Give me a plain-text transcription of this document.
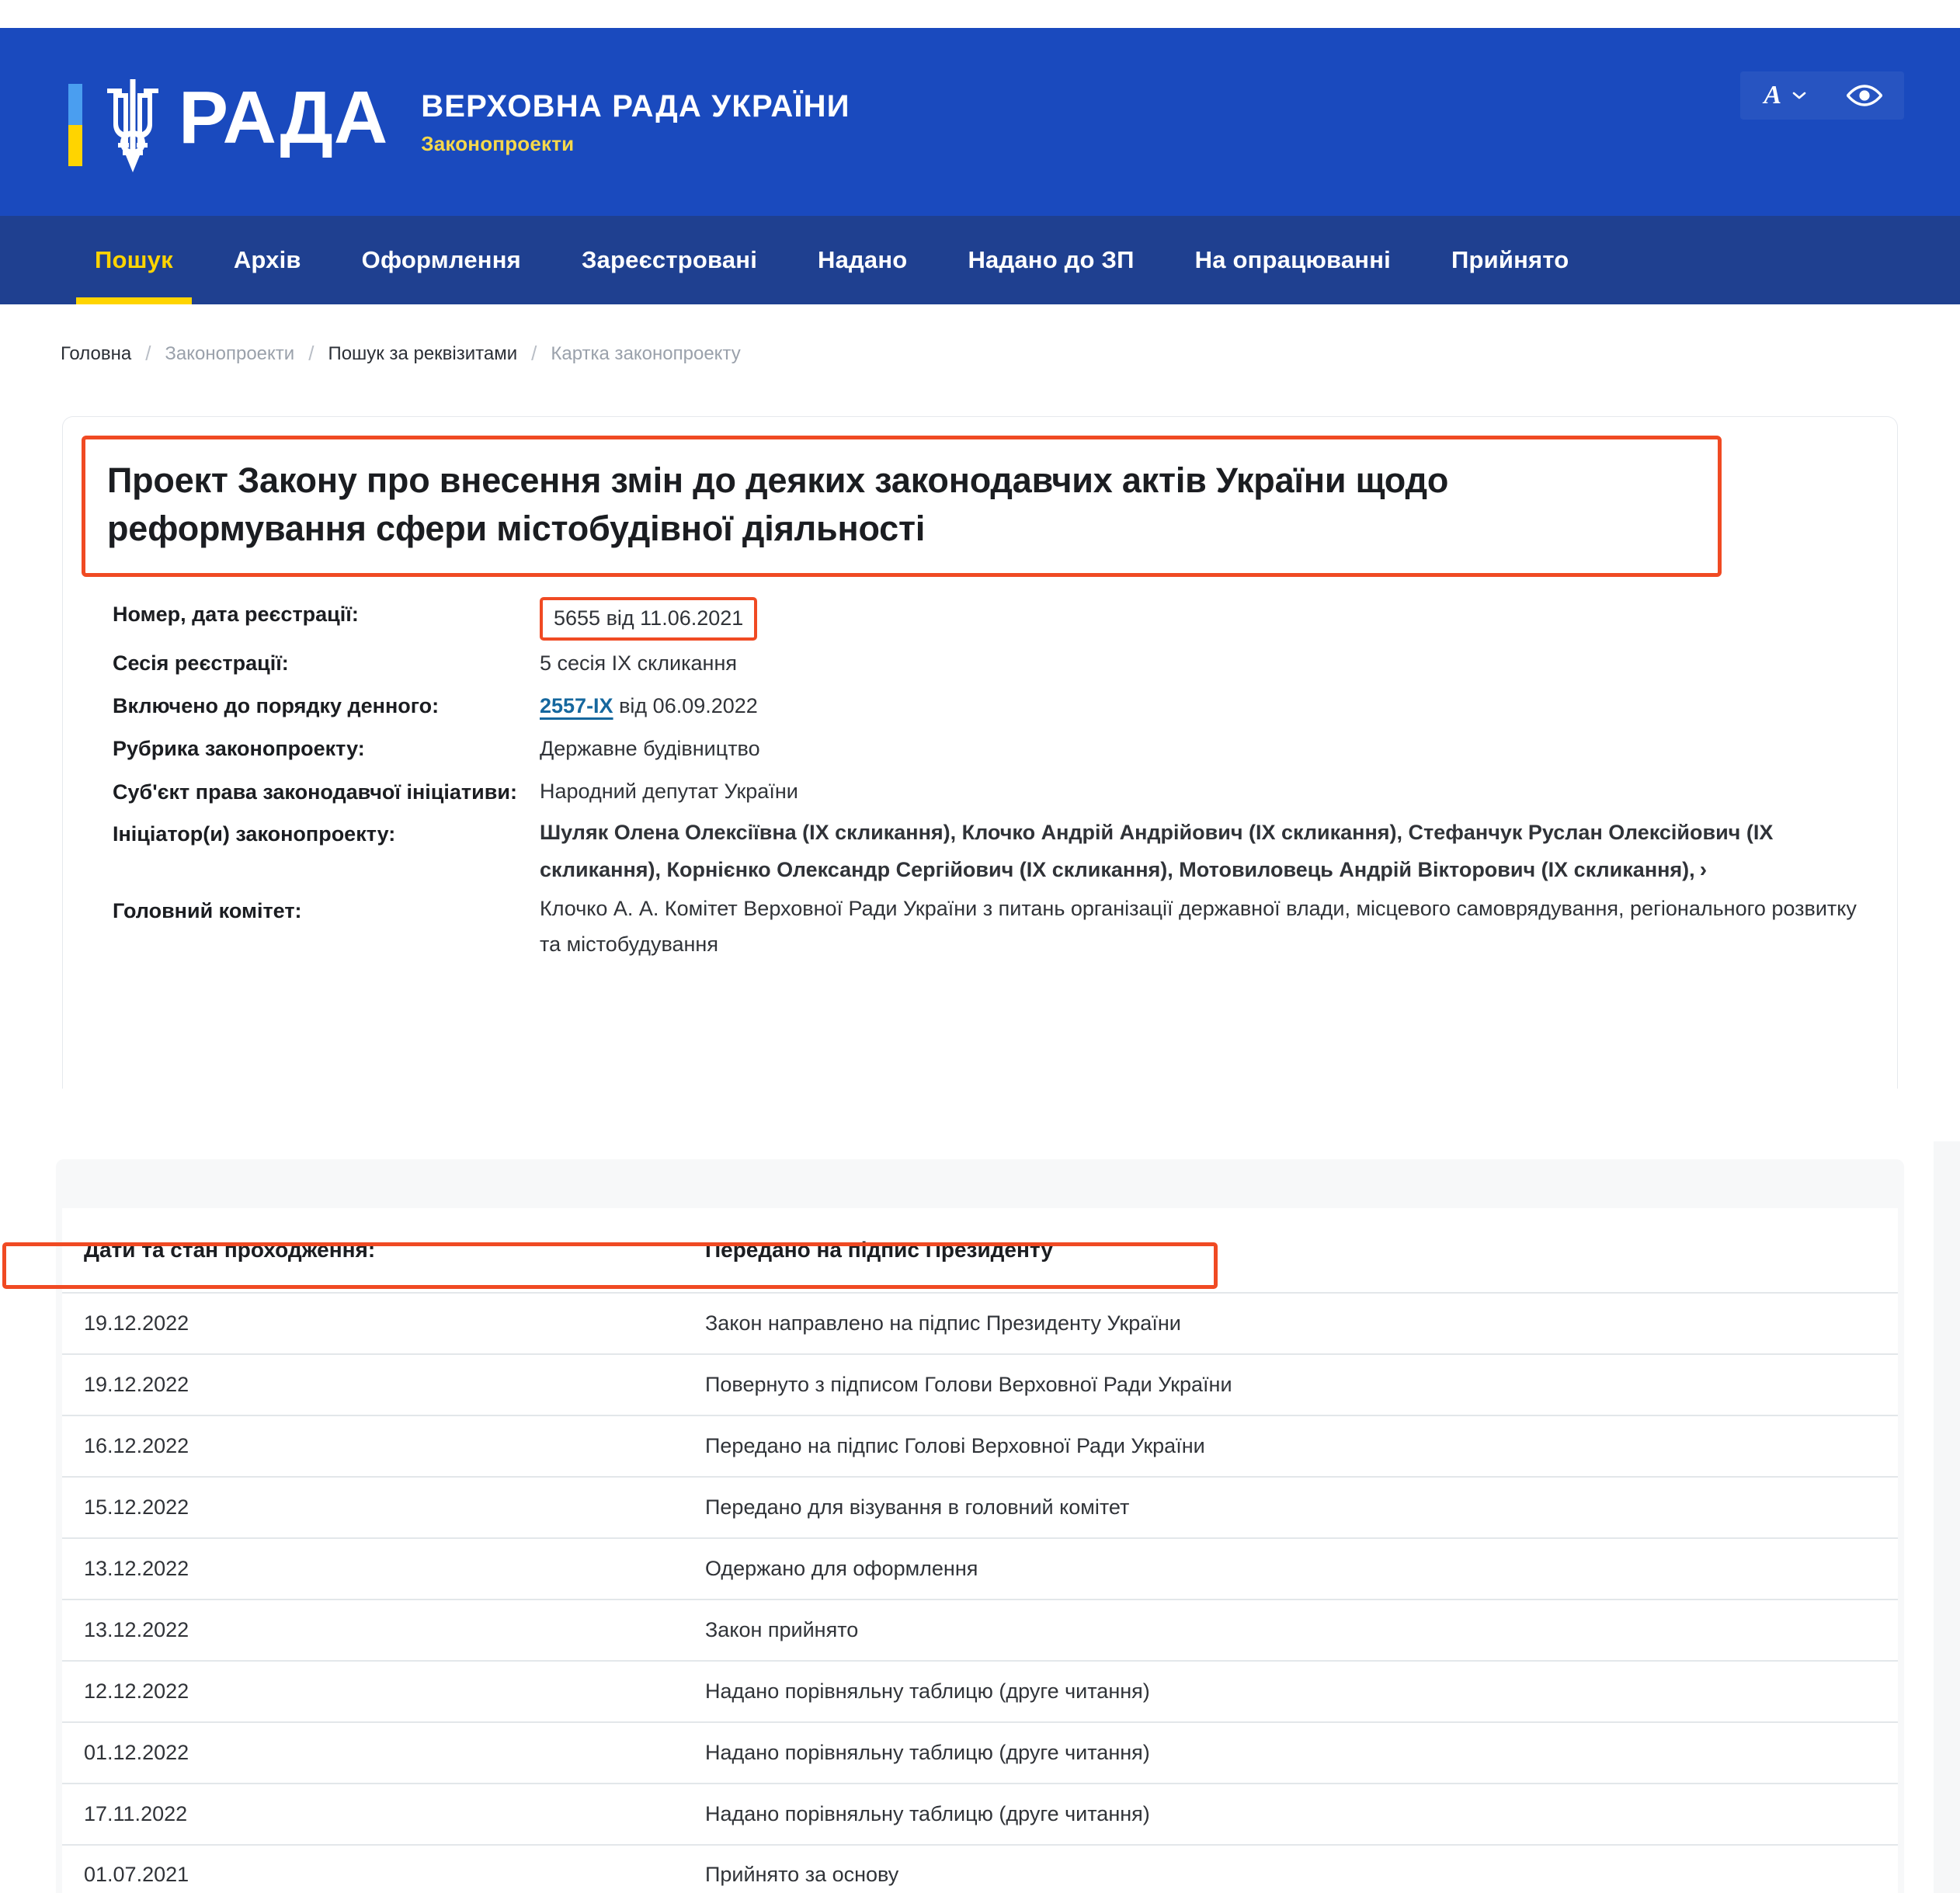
РАДА ВЕРХОВНА РАДА УКРАЇНИ
Законопроекти
A
Пошук	Архів	Оформлення	Зареєстровані	Надано	Надано до ЗП	На опрацюванні	Прийнято
Головна / Законопроекти / Пошук за реквізитами / Картка законопроекту
Проект Закону про внесення змін до деяких законодавчих актів України щодо реформування сфери містобудівної діяльності
Номер, дата реєстрації:	5655 від 11.06.2021
Сесія реєстрації:	5 сесія IX скликання
Включено до порядку денного:	2557-IX від 06.09.2022
Рубрика законопроекту:	Державне будівництво
Суб'єкт права законодавчої ініціативи:	Народний депутат України
Ініціатор(и) законопроекту:	Шуляк Олена Олексіївна (IX скликання), Клочко Андрій Андрійович (IX скликання), Стефанчук Руслан Олексійович (IX скликання), Корнієнко Олександр Сергійович (IX скликання), Мотовиловець Андрій Вікторович (IX скликання), ›
Головний комітет:	Клочко А. А. Комітет Верховної Ради України з питань організації державної влади, місцевого самоврядування, регіонального розвитку та містобудування
Дати та стан проходження:	Передано на підпис Президенту
19.12.2022	Закон направлено на підпис Президенту України
19.12.2022	Повернуто з підписом Голови Верховної Ради України
16.12.2022	Передано на підпис Голові Верховної Ради України
15.12.2022	Передано для візування в головний комітет
13.12.2022	Одержано для оформлення
13.12.2022	Закон прийнято
12.12.2022	Надано порівняльну таблицю (друге читання)
01.12.2022	Надано порівняльну таблицю (друге читання)
17.11.2022	Надано порівняльну таблицю (друге читання)
01.07.2021	Прийнято за основу
